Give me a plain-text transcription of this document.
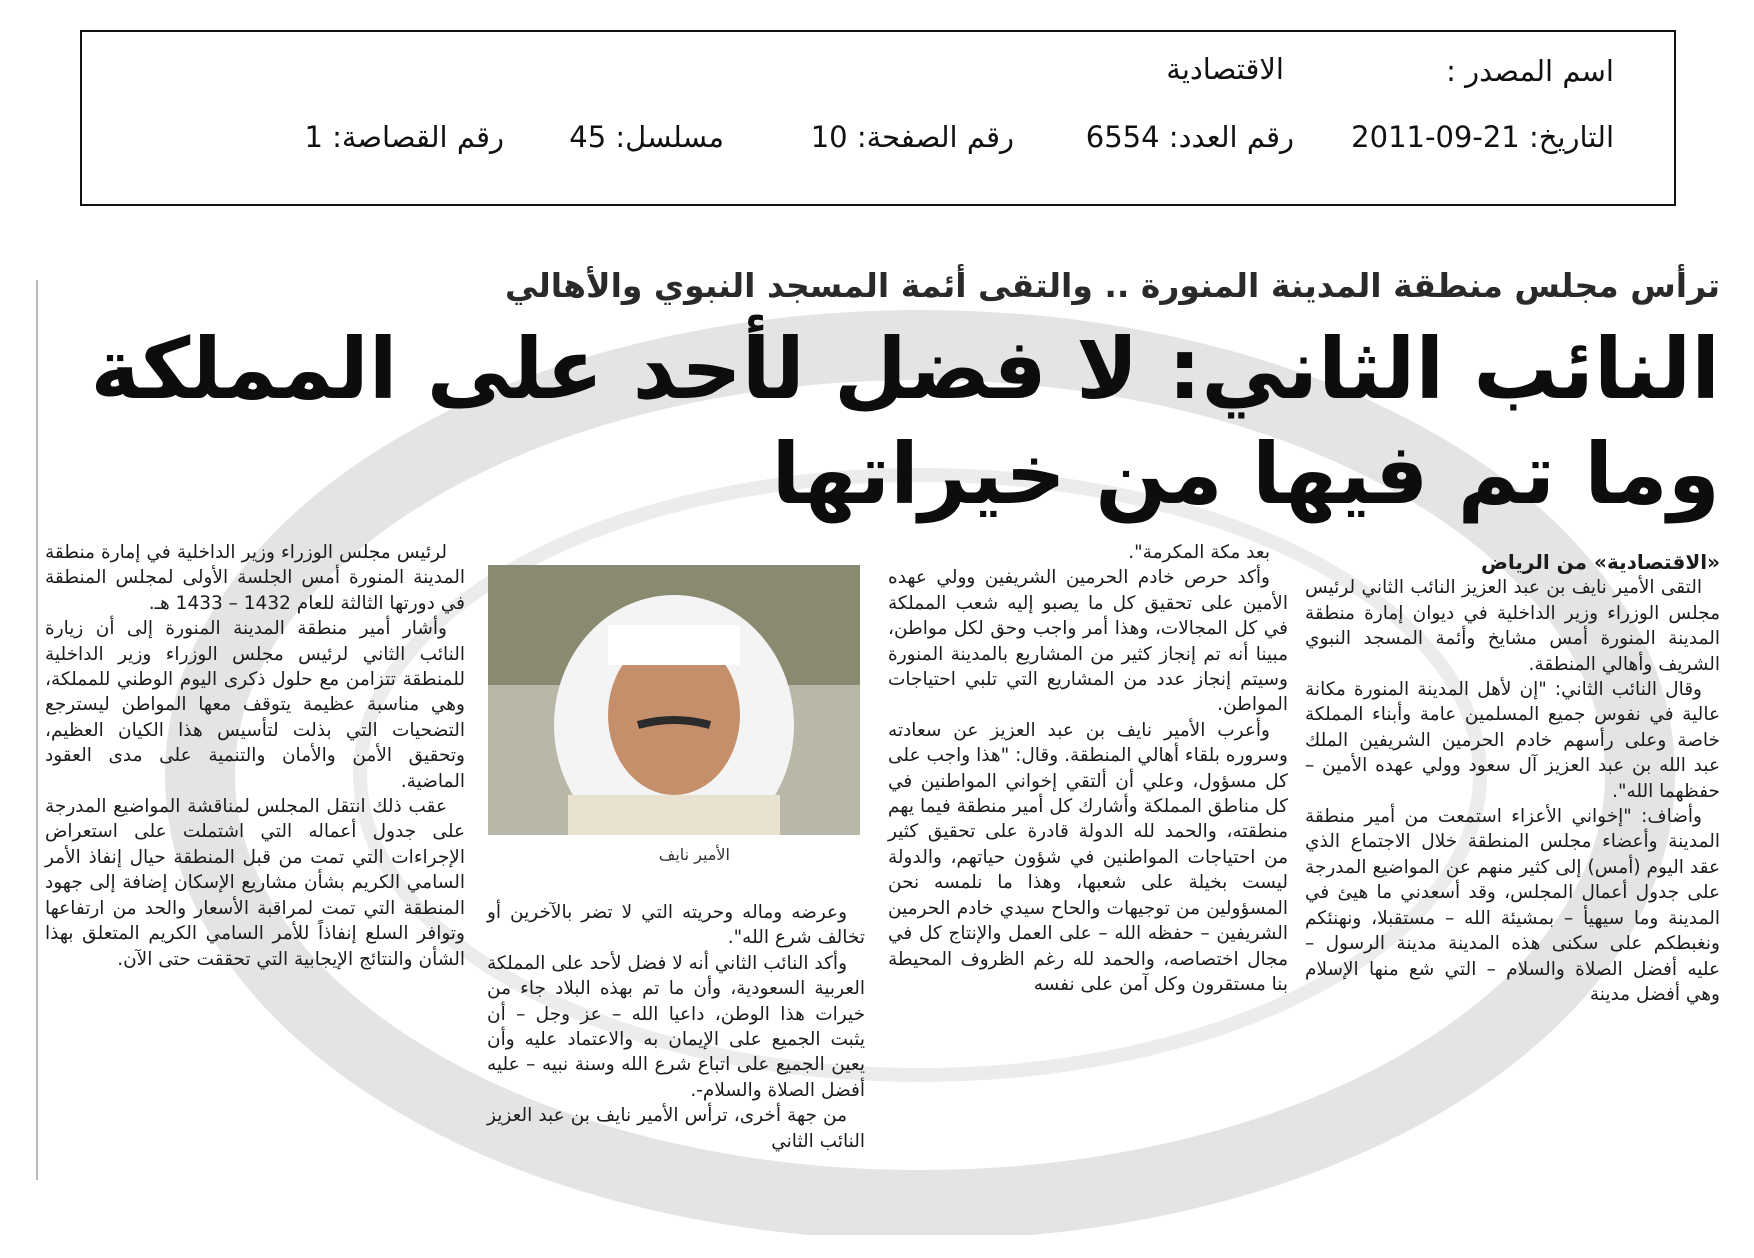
اسم المصدر :
الاقتصادية
التاريخ: 21-09-2011
رقم العدد: 6554
رقم الصفحة: 10
مسلسل: 45
رقم القصاصة: 1
ترأس مجلس منطقة المدينة المنورة .. والتقى أئمة المسجد النبوي والأهالي
النائب الثاني: لا فضل لأحد على المملكة
وما تم فيها من خيراتها

«الاقتصادية» من الرياض

التقى الأمير نايف بن عبد العزيز النائب الثاني لرئيس مجلس الوزراء وزير الداخلية في ديوان إمارة منطقة المدينة المنورة أمس مشايخ وأئمة المسجد النبوي الشريف وأهالي المنطقة.

وقال النائب الثاني: "إن لأهل المدينة المنورة مكانة عالية في نفوس جميع المسلمين عامة وأبناء المملكة خاصة وعلى رأسهم خادم الحرمين الشريفين الملك عبد الله بن عبد العزيز آل سعود وولي عهده الأمين – حفظهما الله".

وأضاف: "إخواني الأعزاء استمعت من أمير منطقة المدينة وأعضاء مجلس المنطقة خلال الاجتماع الذي عقد اليوم (أمس) إلى كثير منهم عن المواضيع المدرجة على جدول أعمال المجلس، وقد أسعدني ما هيئ في المدينة وما سيهيأ – بمشيئة الله – مستقبلا، ونهنئكم ونغبطكم على سكنى هذه المدينة مدينة الرسول – عليه أفضل الصلاة والسلام – التي شع منها الإسلام وهي أفضل مدينة

بعد مكة المكرمة".

وأكد حرص خادم الحرمين الشريفين وولي عهده الأمين على تحقيق كل ما يصبو إليه شعب المملكة في كل المجالات، وهذا أمر واجب وحق لكل مواطن، مبينا أنه تم إنجاز كثير من المشاريع بالمدينة المنورة وسيتم إنجاز عدد من المشاريع التي تلبي احتياجات المواطن.

وأعرب الأمير نايف بن عبد العزيز عن سعادته وسروره بلقاء أهالي المنطقة. وقال: "هذا واجب على كل مسؤول، وعلي أن ألتقي إخواني المواطنين في كل مناطق المملكة وأشارك كل أمير منطقة فيما يهم منطقته، والحمد لله الدولة قادرة على تحقيق كثير من احتياجات المواطنين في شؤون حياتهم، والدولة ليست بخيلة على شعبها، وهذا ما نلمسه نحن المسؤولين من توجيهات والحاح سيدي خادم الحرمين الشريفين – حفظه الله – على العمل والإنتاج كل في مجال اختصاصه، والحمد لله رغم الظروف المحيطة بنا مستقرون وكل آمن على نفسه

الأمير نايف

وعرضه وماله وحريته التي لا تضر بالآخرين أو تخالف شرع الله".

وأكد النائب الثاني أنه لا فضل لأحد على المملكة العربية السعودية، وأن ما تم بهذه البلاد جاء من خيرات هذا الوطن، داعيا الله – عز وجل – أن يثبت الجميع على الإيمان به والاعتماد عليه وأن يعين الجميع على اتباع شرع الله وسنة نبيه – عليه أفضل الصلاة والسلام-.

من جهة أخرى، ترأس الأمير نايف بن عبد العزيز النائب الثاني

لرئيس مجلس الوزراء وزير الداخلية في إمارة منطقة المدينة المنورة أمس الجلسة الأولى لمجلس المنطقة في دورتها الثالثة للعام 1432 – 1433 هـ.

وأشار أمير منطقة المدينة المنورة إلى أن زيارة النائب الثاني لرئيس مجلس الوزراء وزير الداخلية للمنطقة تتزامن مع حلول ذكرى اليوم الوطني للمملكة، وهي مناسبة عظيمة يتوقف معها المواطن ليسترجع التضحيات التي بذلت لتأسيس هذا الكيان العظيم، وتحقيق الأمن والأمان والتنمية على مدى العقود الماضية.

عقب ذلك انتقل المجلس لمناقشة المواضيع المدرجة على جدول أعماله التي اشتملت على استعراض الإجراءات التي تمت من قبل المنطقة حيال إنفاذ الأمر السامي الكريم بشأن مشاريع الإسكان إضافة إلى جهود المنطقة التي تمت لمراقبة الأسعار والحد من ارتفاعها وتوافر السلع إنفاذاً للأمر السامي الكريم المتعلق بهذا الشأن والنتائج الإيجابية التي تحققت حتى الآن.
